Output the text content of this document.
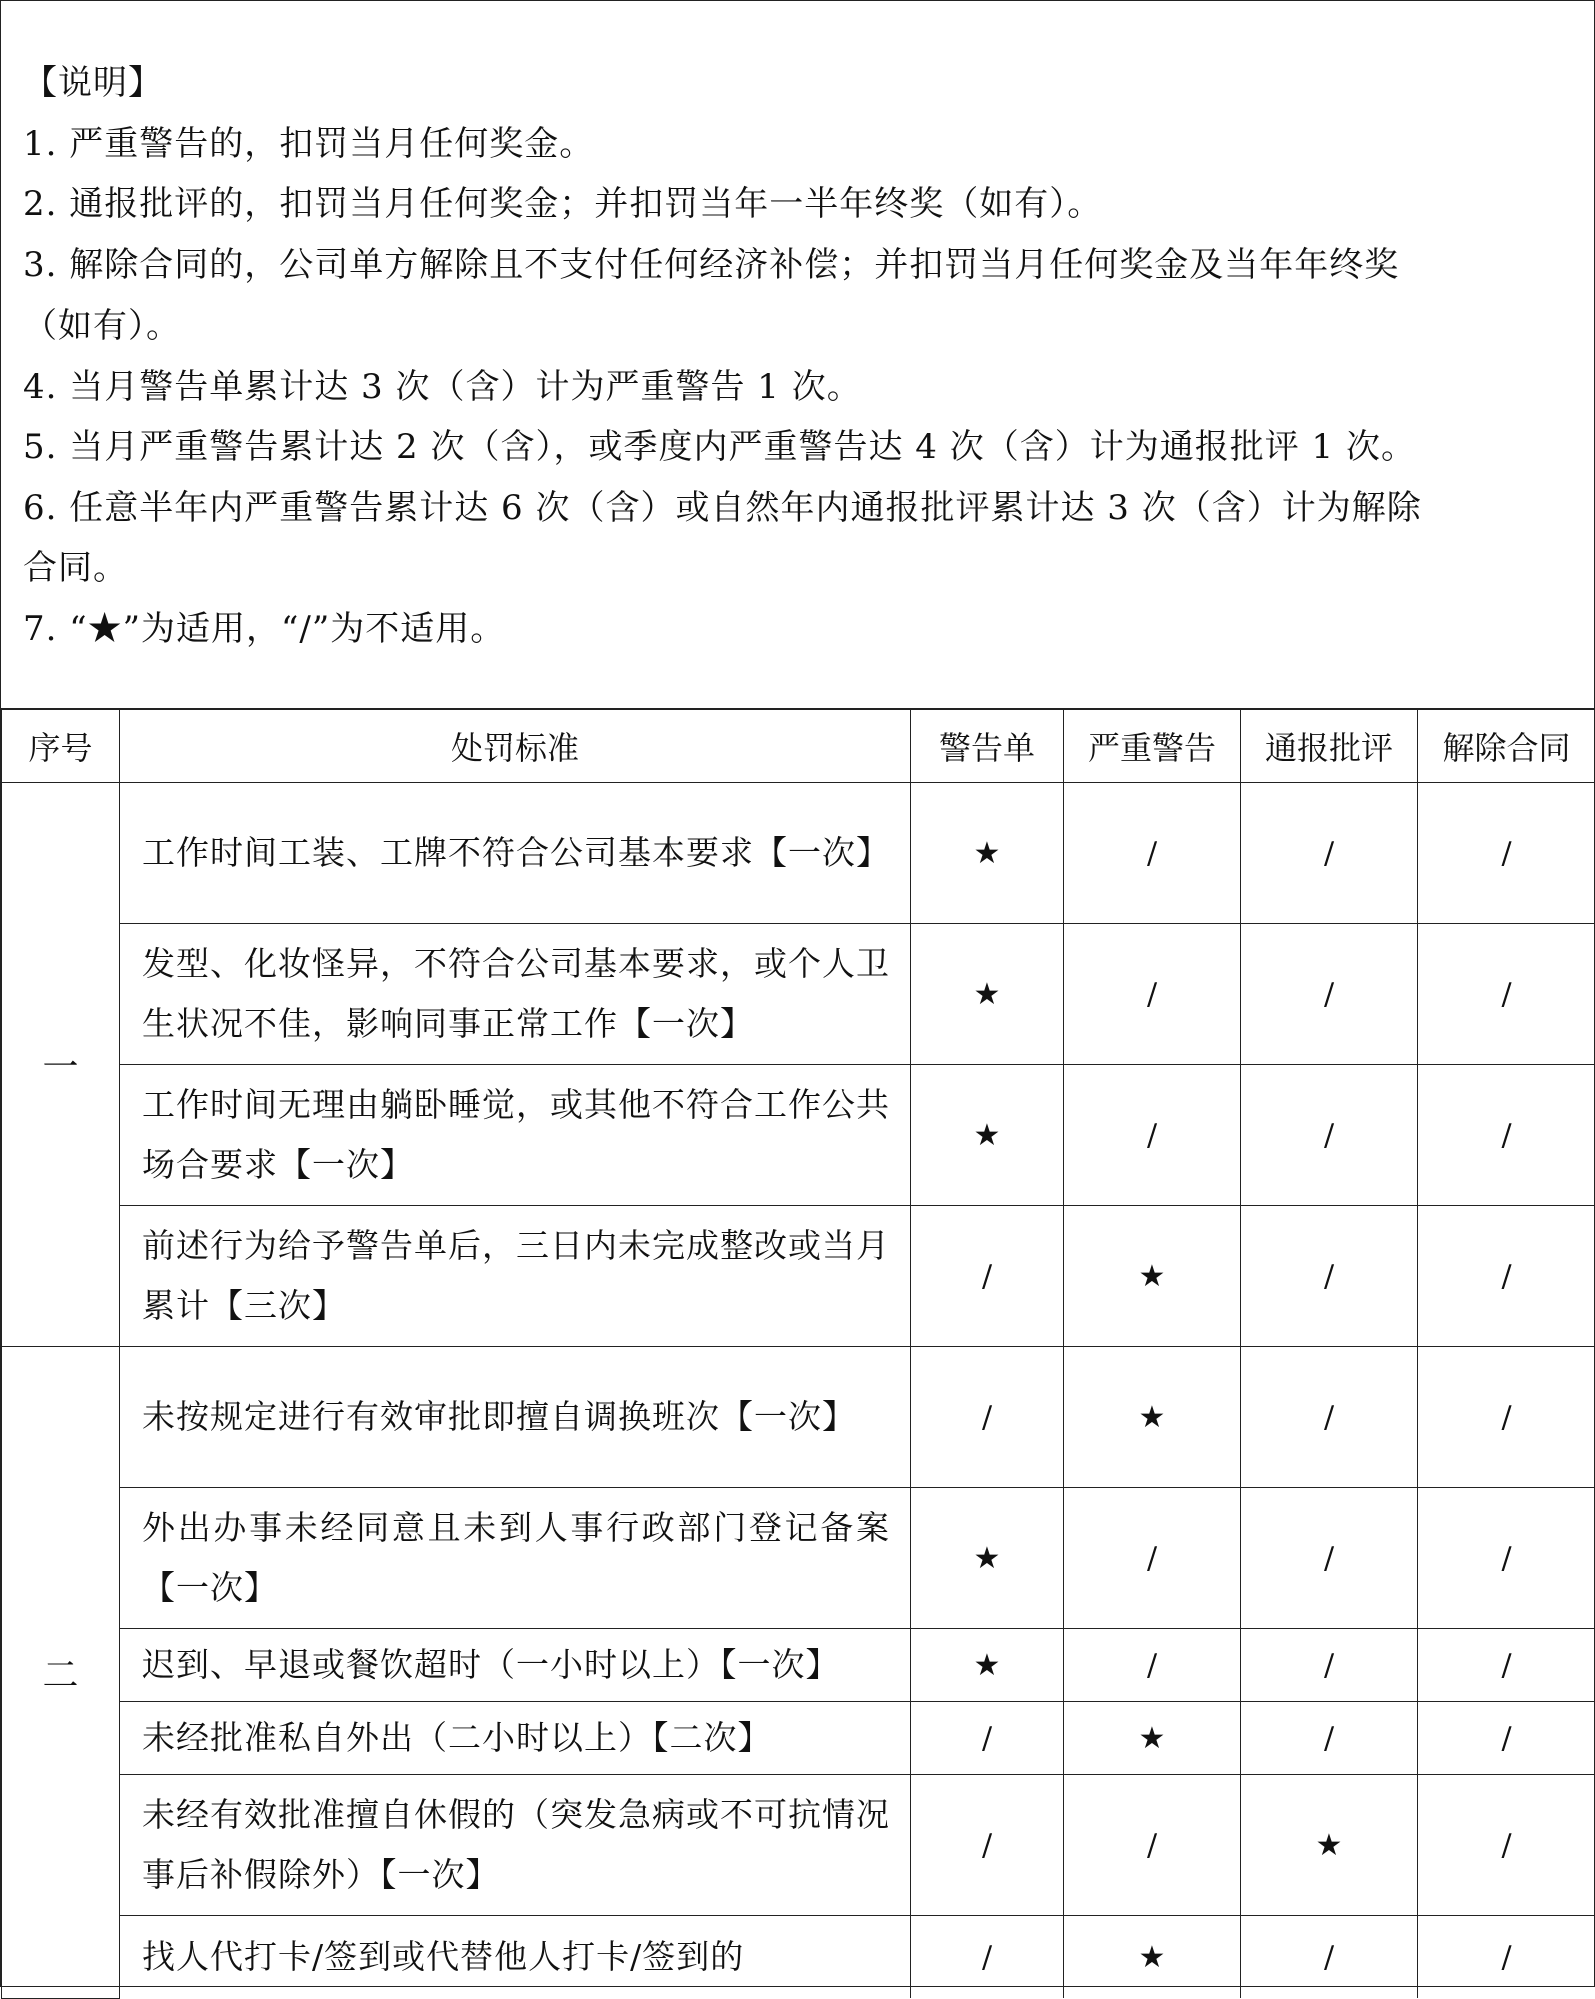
【说明】

1. 严重警告的，扣罚当月任何奖金。

2. 通报批评的，扣罚当月任何奖金；并扣罚当年一半年终奖（如有）。

3. 解除合同的，公司单方解除且不支付任何经济补偿；并扣罚当月任何奖金及当年年终奖

（如有）。

4. 当月警告单累计达 3 次（含）计为严重警告 1 次。

5. 当月严重警告累计达 2 次（含），或季度内严重警告达 4 次（含）计为通报批评 1 次。

6. 任意半年内严重警告累计达 6 次（含）或自然年内通报批评累计达 3 次（含）计为解除

合同。

7. “★”为适用，“/”为不适用。

序号	处罚标准	警告单	严重警告	通报批评	解除合同
一	工作时间工装、工牌不符合公司基本要求【一次】	★	/	/	/
	发型、化妆怪异，不符合公司基本要求，或个人卫生状况不佳，影响同事正常工作【一次】	★	/	/	/
	工作时间无理由躺卧睡觉，或其他不符合工作公共场合要求【一次】	★	/	/	/
	前述行为给予警告单后，三日内未完成整改或当月累计【三次】	/	★	/	/
二	未按规定进行有效审批即擅自调换班次【一次】	/	★	/	/
	外出办事未经同意且未到人事行政部门登记备案【一次】	★	/	/	/
	迟到、早退或餐饮超时（一小时以上）【一次】	★	/	/	/
	未经批准私自外出（二小时以上）【二次】	/	★	/	/
	未经有效批准擅自休假的（突发急病或不可抗情况事后补假除外）【一次】	/	/	★	/
	找人代打卡/签到或代替他人打卡/签到的	/	★	/	/
